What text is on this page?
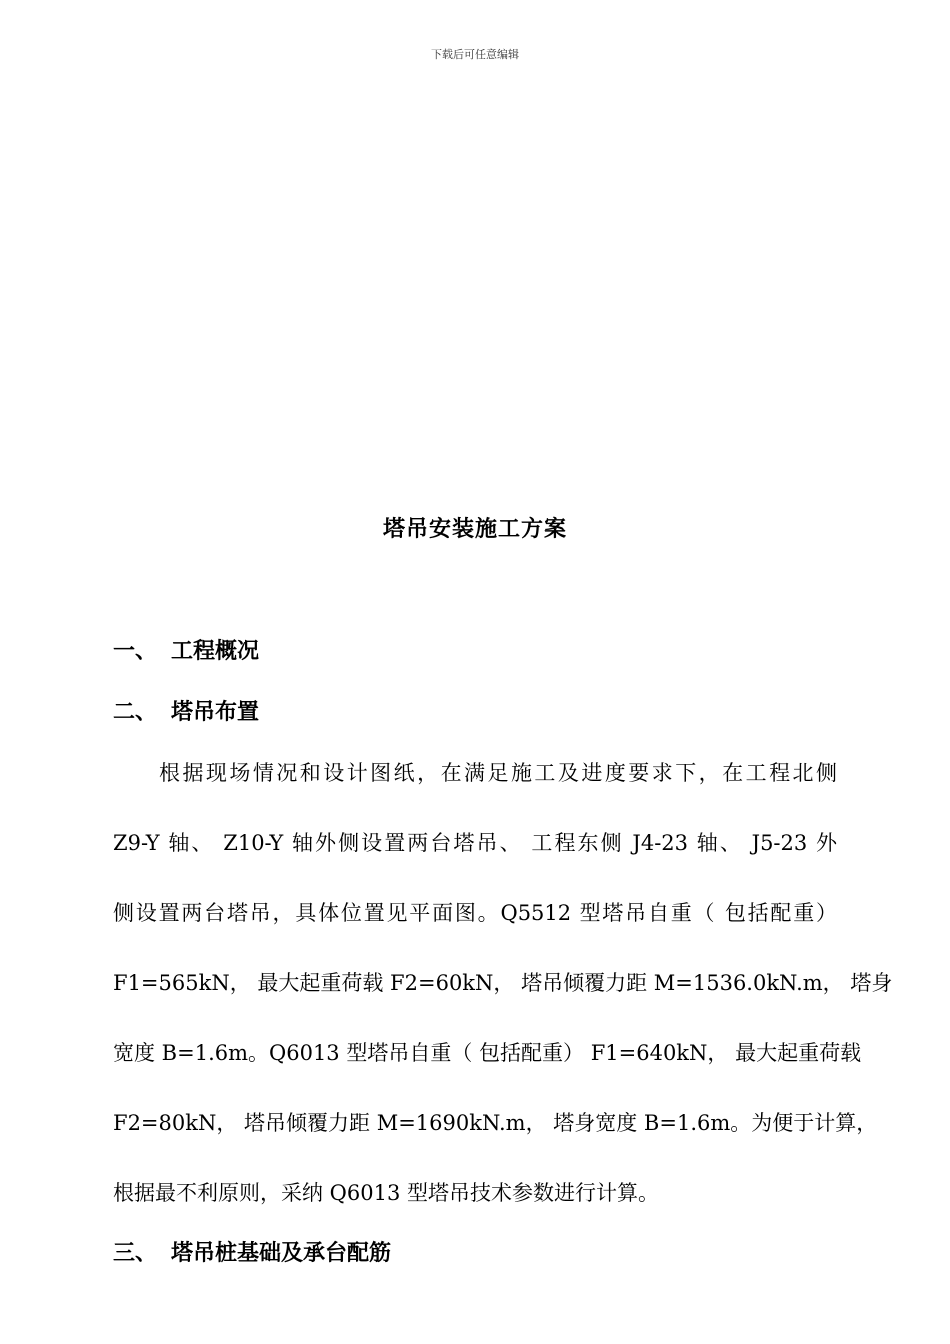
下载后可任意编辑
塔吊安装施工方案
一、 工程概况
二、 塔吊布置
根据现场情况和设计图纸，在满足施工及进度要求下，在工程北侧
Z9-Y 轴、 Z10-Y 轴外侧设置两台塔吊、 工程东侧 J4-23 轴、 J5-23 外
侧设置两台塔吊，具体位置见平面图。Q5512 型塔吊自重（ 包括配重）
F1=565kN， 最大起重荷载 F2=60kN， 塔吊倾覆力距 M=1536.0kN.m， 塔身
宽度 B=1.6m。Q6013 型塔吊自重（ 包括配重） F1=640kN， 最大起重荷载
F2=80kN， 塔吊倾覆力距 M=1690kN.m， 塔身宽度 B=1.6m。为便于计算，
根据最不利原则，采纳 Q6013 型塔吊技术参数进行计算。
三、 塔吊桩基础及承台配筋
